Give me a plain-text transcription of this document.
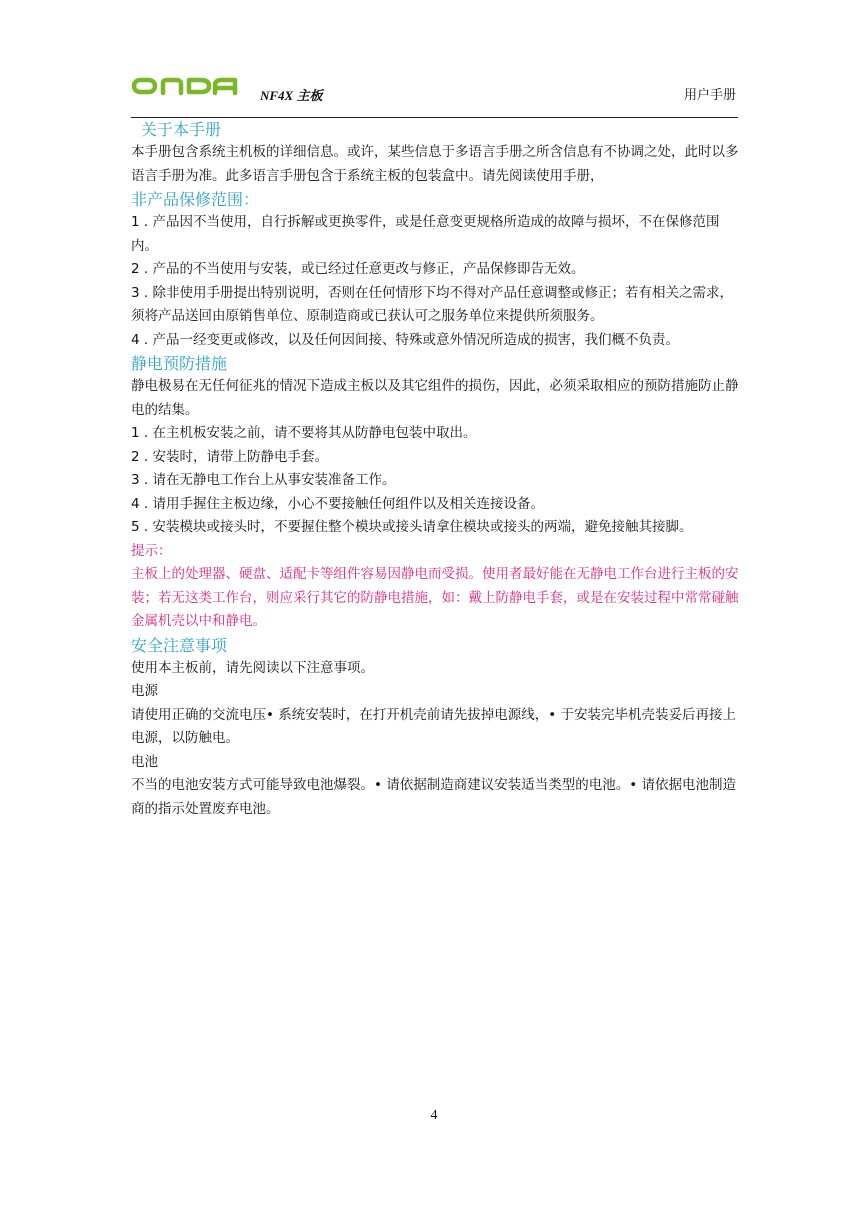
NF4X 主板	用户手册
关于本手册

本手册包含系统主机板的详细信息。或许，某些信息于多语言手册之所含信息有不协调之处，此时以多语言手册为准。此多语言手册包含于系统主板的包装盒中。请先阅读使用手册，

非产品保修范围：

1 . 产品因不当使用，自行拆解或更换零件，或是任意变更规格所造成的故障与损坏，不在保修范围内。

2 . 产品的不当使用与安装，或已经过任意更改与修正，产品保修即告无效。

3 . 除非使用手册提出特别说明，否则在任何情形下均不得对产品任意调整或修正；若有相关之需求，须将产品送回由原销售单位、原制造商或已获认可之服务单位来提供所须服务。

4 . 产品一经变更或修改，以及任何因间接、特殊或意外情况所造成的损害，我们概不负责。

静电预防措施

静电极易在无任何征兆的情况下造成主板以及其它组件的损伤，因此，必须采取相应的预防措施防止静电的结集。

1 . 在主机板安装之前，请不要将其从防静电包装中取出。

2 . 安装时，请带上防静电手套。

3 . 请在无静电工作台上从事安装准备工作。

4 . 请用手握住主板边缘，小心不要接触任何组件以及相关连接设备。

5 . 安装模块或接头时，不要握住整个模块或接头请拿住模块或接头的两端，避免接触其接脚。

提示：

主板上的处理器、硬盘、适配卡等组件容易因静电而受损。使用者最好能在无静电工作台进行主板的安装；若无这类工作台，则应采行其它的防静电措施，如：戴上防静电手套，或是在安装过程中常常碰触金属机壳以中和静电。

安全注意事项

使用本主板前，请先阅读以下注意事项。

电源

请使用正确的交流电压• 系统安装时，在打开机壳前请先拔掉电源线，• 于安装完毕机壳装妥后再接上电源，以防触电。

电池

不当的电池安装方式可能导致电池爆裂。• 请依据制造商建议安装适当类型的电池。• 请依据电池制造商的指示处置废弃电池。

4
